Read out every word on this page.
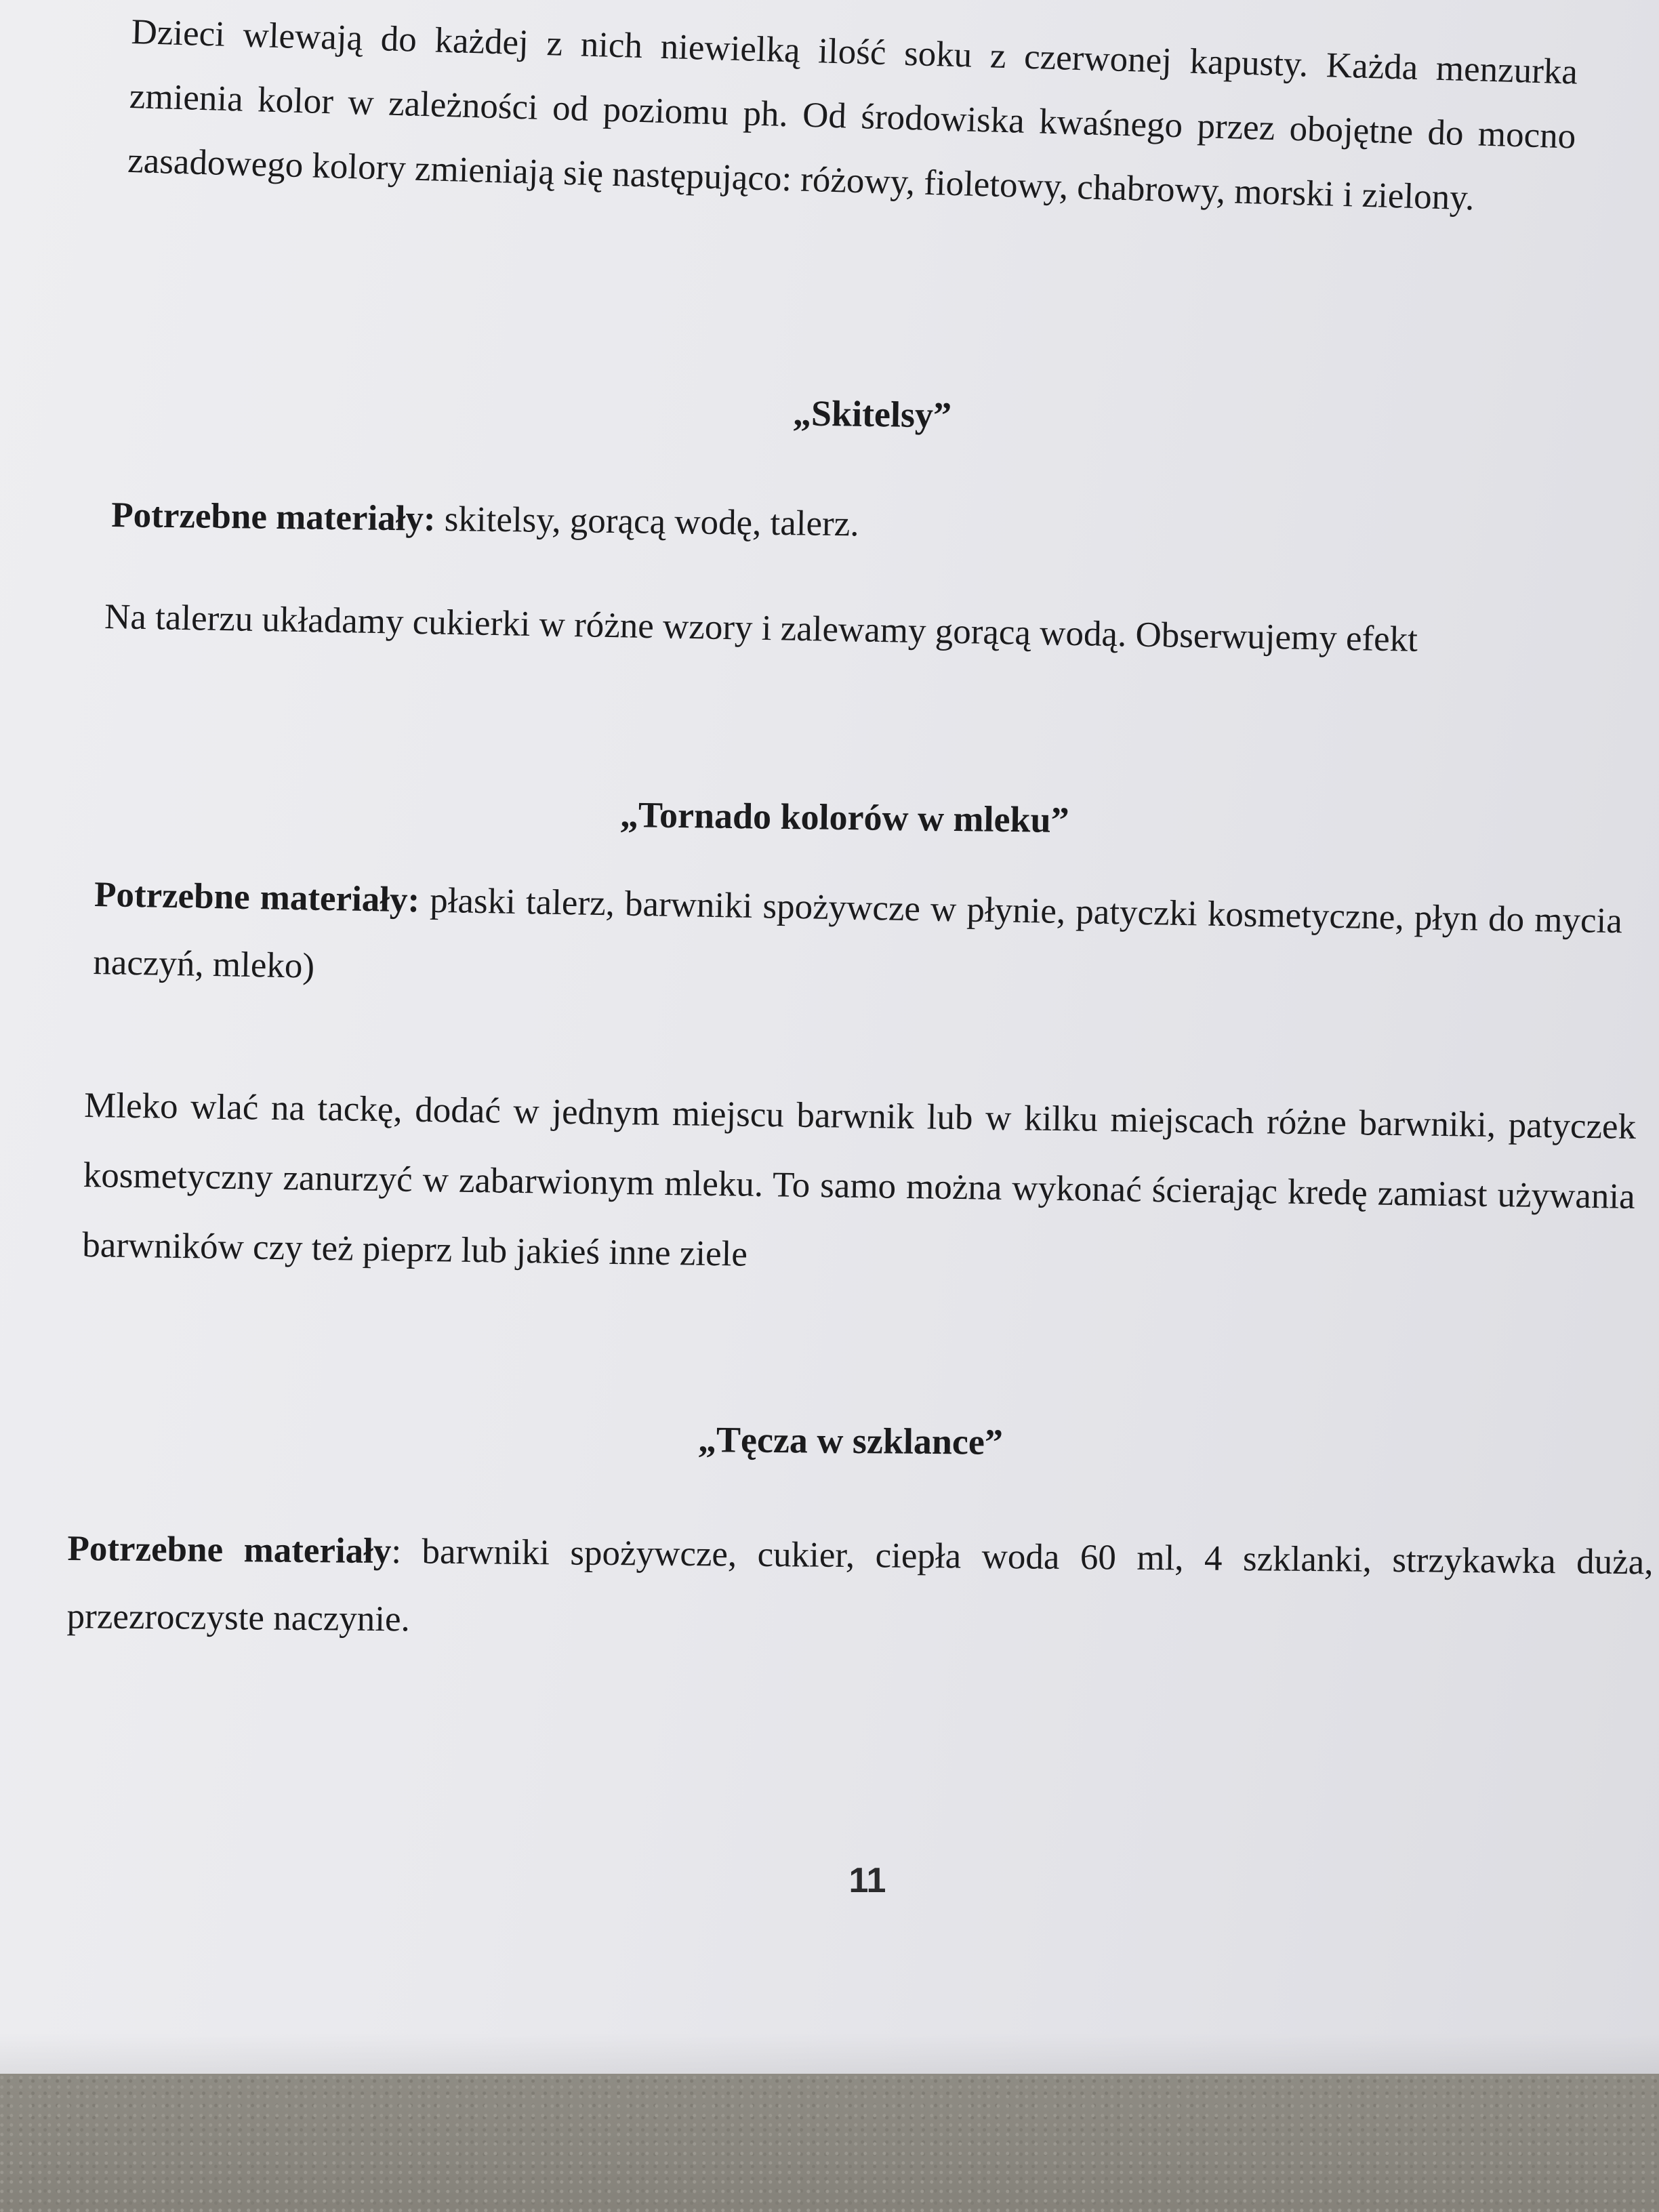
Dzieci wlewają do każdej z nich niewielką ilość soku z czerwonej kapusty. Każda menzurka zmienia kolor w zależności od poziomu ph. Od środowiska kwaśnego przez obojętne do mocno zasadowego kolory zmieniają się następująco: różowy, fioletowy, chabrowy, morski i zielony.

„Skitelsy”
Potrzebne materiały: skitelsy, gorącą wodę, talerz.
Na talerzu układamy cukierki w różne wzory i zalewamy gorącą wodą. Obserwujemy efekt
„Tornado kolorów w mleku”

Potrzebne materiały: płaski talerz, barwniki spożywcze w płynie, patyczki kosmetyczne, płyn do mycia naczyń, mleko)

Mleko wlać na tackę, dodać w jednym miejscu barwnik lub w kilku miejscach różne barwniki, patyczek kosmetyczny zanurzyć w zabarwionym mleku. To samo można wykonać ścierając kredę zamiast używania barwników czy też pieprz lub jakieś inne ziele

„Tęcza w szklance”

Potrzebne materiały: barwniki spożywcze, cukier, ciepła woda 60 ml, 4 szklanki, strzykawka duża, przezroczyste naczynie.

11
